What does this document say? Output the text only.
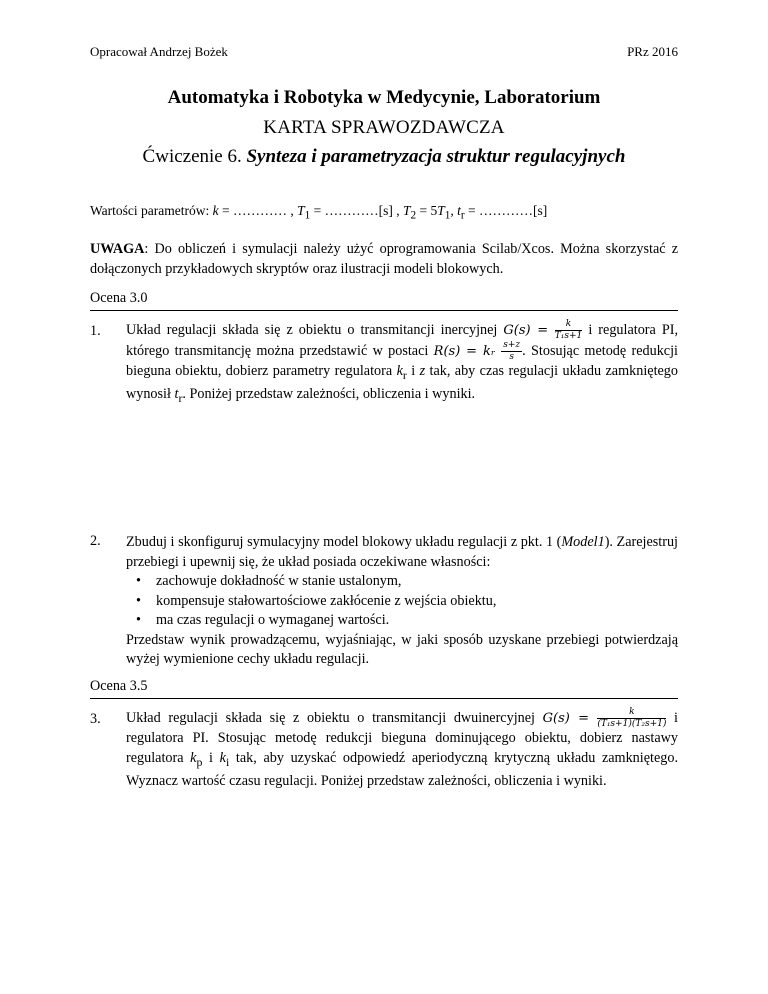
Opracował Andrzej Bożek	PRz 2016
Automatyka i Robotyka w Medycynie, Laboratorium
KARTA SPRAWOZDAWCZA
Ćwiczenie 6. Synteza i parametryzacja struktur regulacyjnych
Wartości parametrów: k = ………… , $T_1$ = …………[s] , $T_2 = 5T_1$, $t_r$ = …………[s]
UWAGA: Do obliczeń i symulacji należy użyć oprogramowania Scilab/Xcos. Można skorzystać z dołączonych przykładowych skryptów oraz ilustracji modeli blokowych.
Ocena 3.0
1. Układ regulacji składa się z obiektu o transmitancji inercyjnej $G(s) = \frac{k}{\text{T₁s+1}}$ i regulatora PI, którego transmitancję można przedstawić w postaci R(s) = kᵣ $\frac{s+z}{s}$ . Stosując metodę redukcji bieguna obiektu, dobierz parametry regulatora $k_r$ i z tak, aby czas regulacji układu zamkniętego wynosił $t_r$. Poniżej przedstaw zależności, obliczenia i wyniki.
2. Zbuduj i skonfiguruj symulacyjny model blokowy układu regulacji z pkt. 1 (Model1). Zarejestruj przebiegi i upewnij się, że układ posiada oczekiwane własności:
• zachowuje dokładność w stanie ustalonym,
• kompensuje stałowartościowe zakłócenie z wejścia obiektu,
• ma czas regulacji o wymaganej wartości.
Przedstaw wynik prowadzącemu, wyjaśniając, w jaki sposób uzyskane przebiegi potwierdzają wyżej wymienione cechy układu regulacji.
Ocena 3.5
3. Układ regulacji składa się z obiektu o transmitancji dwuinercyjnej $G(s) = \frac{k}{\text{(T₁s+1)(T₂s+1)}}$ i regulatora PI. Stosując metodę redukcji bieguna dominującego obiektu, dobierz nastawy regulatora $k_p$ i $k_i$ tak, aby uzyskać odpowiedź aperiodyczną krytyczną układu zamkniętego. Wyznacz wartość czasu regulacji. Poniżej przedstaw zależności, obliczenia i wyniki.
